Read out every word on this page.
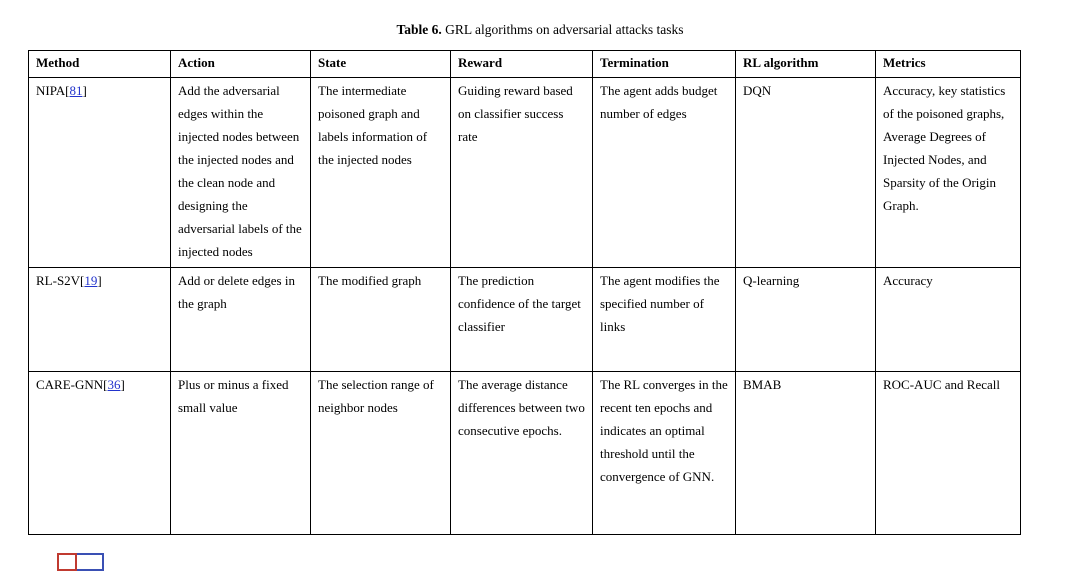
Table 6. GRL algorithms on adversarial attacks tasks
Method	Action	State	Reward	Termination	RL algorithm	Metrics
NIPA[81]	Add the adversarial edges within the injected nodes between the injected nodes and the clean node and designing the adversarial labels of the injected nodes	The intermediate poisoned graph and labels information of the injected nodes	Guiding reward based on classifier success rate	The agent adds budget number of edges	DQN	Accuracy, key statistics of the poisoned graphs, Average Degrees of Injected Nodes, and Sparsity of the Origin Graph.
RL-S2V[19]	Add or delete edges in the graph	The modified graph	The prediction confidence of the target classifier	The agent modifies the specified number of links	Q-learning	Accuracy
CARE-GNN[36]	Plus or minus a fixed small value	The selection range of neighbor nodes	The average distance differences between two consecutive epochs.	The RL converges in the recent ten epochs and indicates an optimal threshold until the convergence of GNN.	BMAB	ROC-AUC and Recall
